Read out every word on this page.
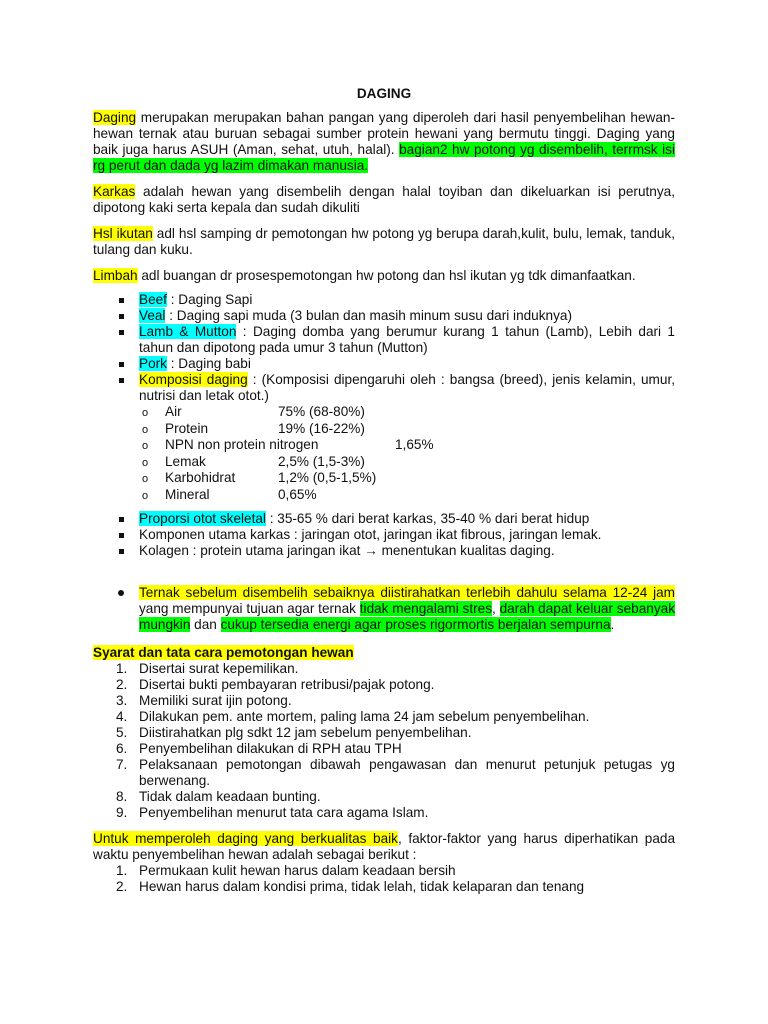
DAGING

Daging merupakan merupakan bahan pangan yang diperoleh dari hasil penyembelihan hewan-hewan ternak atau buruan sebagai sumber protein hewani yang bermutu tinggi. Daging yang baik juga harus ASUH (Aman, sehat, utuh, halal). bagian2 hw potong yg disembelih, terrmsk isi rg perut dan dada yg lazim dimakan manusia.

Karkas adalah hewan yang disembelih dengan halal toyiban dan dikeluarkan isi perutnya, dipotong kaki serta kepala dan sudah dikuliti

Hsl ikutan adl hsl samping dr pemotongan hw potong yg berupa darah,kulit, bulu, lemak, tanduk, tulang dan kuku.

Limbah adl buangan dr prosespemotongan hw potong dan hsl ikutan yg tdk dimanfaatkan.

Beef : Daging Sapi
Veal : Daging sapi muda (3 bulan dan masih minum susu dari induknya)
Lamb & Mutton : Daging domba yang berumur kurang 1 tahun (Lamb), Lebih dari 1 tahun dan dipotong pada umur 3 tahun (Mutton)
Pork : Daging babi
Komposisi daging : (Komposisi dipengaruhi oleh : bangsa (breed), jenis kelamin, umur, nutrisi dan letak otot.)
o Air	75% (68-80%)
o Protein	19% (16-22%)
o NPN non protein nitrogen	1,65%
o Lemak	2,5% (1,5-3%)
o Karbohidrat	1,2% (0,5-1,5%)
o Mineral	0,65%
Proporsi otot skeletal : 35-65 % dari berat karkas, 35-40 % dari berat hidup
Komponen utama karkas : jaringan otot, jaringan ikat fibrous, jaringan lemak.
Kolagen : protein utama jaringan ikat → menentukan kualitas daging.
Ternak sebelum disembelih sebaiknya diistirahatkan terlebih dahulu selama 12-24 jam yang mempunyai tujuan agar ternak tidak mengalami stres, darah dapat keluar sebanyak mungkin dan cukup tersedia energi agar proses rigormortis berjalan sempurna.

Syarat dan tata cara pemotongan hewan

1. Disertai surat kepemilikan.
2. Disertai bukti pembayaran retribusi/pajak potong.
3. Memiliki surat ijin potong.
4. Dilakukan pem. ante mortem, paling lama 24 jam sebelum penyembelihan.
5. Diistirahatkan plg sdkt 12 jam sebelum penyembelihan.
6. Penyembelihan dilakukan di RPH atau TPH
7. Pelaksanaan pemotongan dibawah pengawasan dan menurut petunjuk petugas yg berwenang.
8. Tidak dalam keadaan bunting.
9. Penyembelihan menurut tata cara agama Islam.

Untuk memperoleh daging yang berkualitas baik, faktor-faktor yang harus diperhatikan pada waktu penyembelihan hewan adalah sebagai berikut :

1. Permukaan kulit hewan harus dalam keadaan bersih
2. Hewan harus dalam kondisi prima, tidak lelah, tidak kelaparan dan tenang
